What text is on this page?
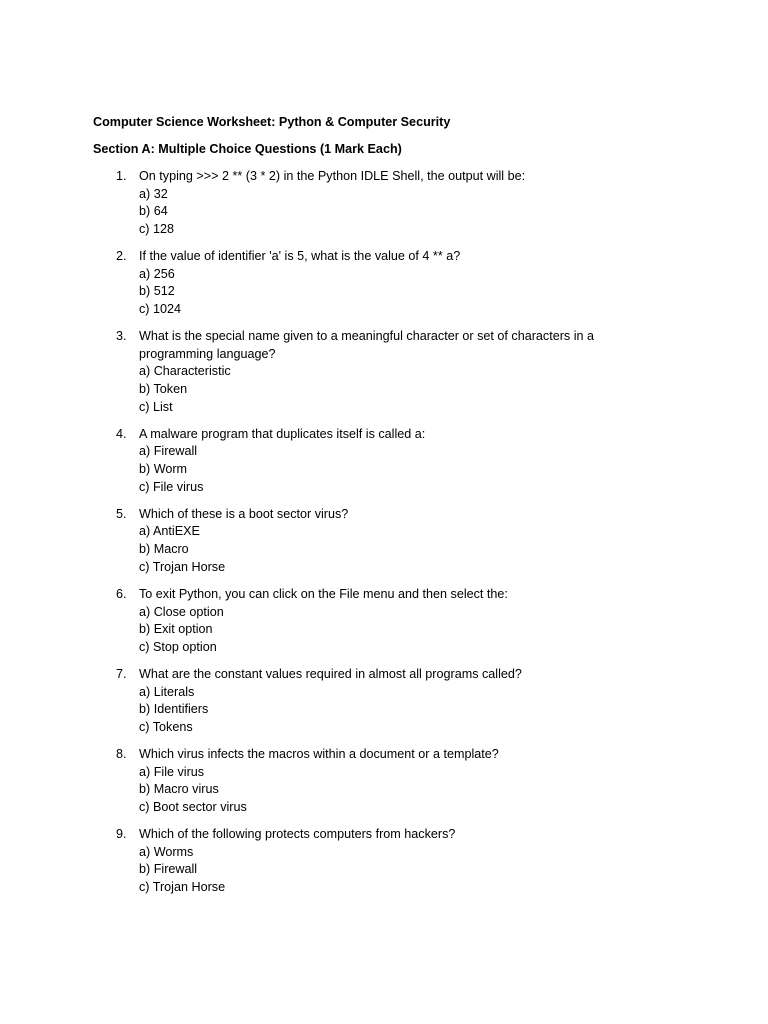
Computer Science Worksheet: Python & Computer Security
Section A: Multiple Choice Questions (1 Mark Each)
1. On typing >>> 2 ** (3 * 2) in the Python IDLE Shell, the output will be:
a) 32
b) 64
c) 128
2. If the value of identifier 'a' is 5, what is the value of 4 ** a?
a) 256
b) 512
c) 1024
3. What is the special name given to a meaningful character or set of characters in a programming language?
a) Characteristic
b) Token
c) List
4. A malware program that duplicates itself is called a:
a) Firewall
b) Worm
c) File virus
5. Which of these is a boot sector virus?
a) AntiEXE
b) Macro
c) Trojan Horse
6. To exit Python, you can click on the File menu and then select the:
a) Close option
b) Exit option
c) Stop option
7. What are the constant values required in almost all programs called?
a) Literals
b) Identifiers
c) Tokens
8. Which virus infects the macros within a document or a template?
a) File virus
b) Macro virus
c) Boot sector virus
9. Which of the following protects computers from hackers?
a) Worms
b) Firewall
c) Trojan Horse
